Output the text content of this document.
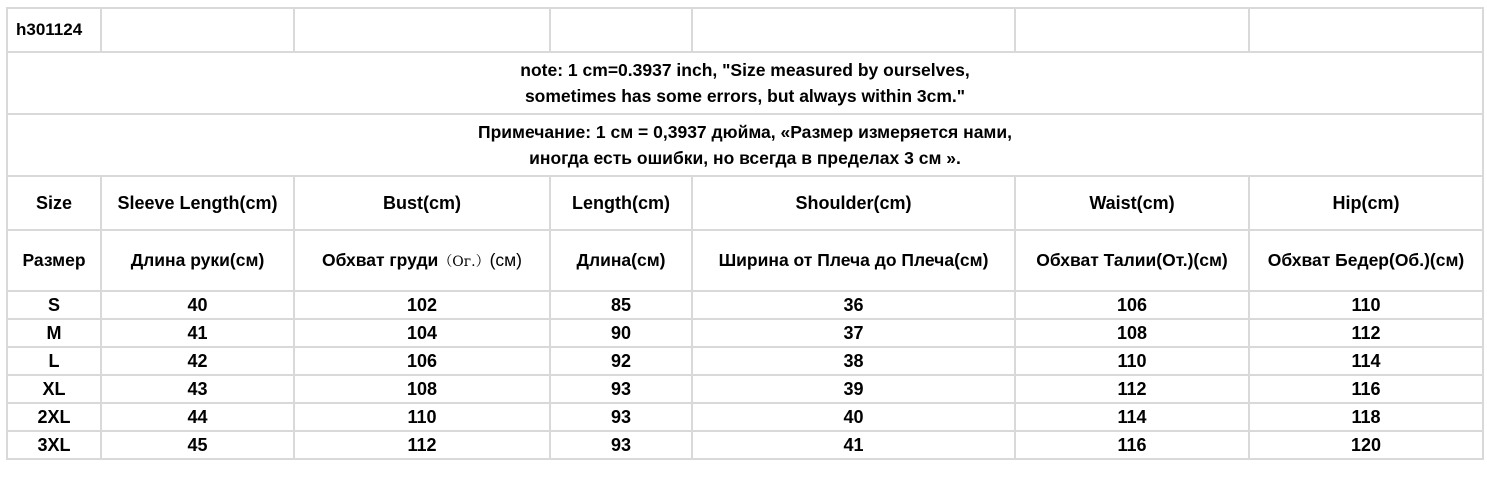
h301124						

note: 1 cm=0.3937 inch, "Size measured by ourselves,
sometimes has some errors, but always within 3cm."						

Примечание: 1 см = 0,3937 дюйма, «Размер измеряется нами,
иногда есть ошибки, но всегда в пределах 3 см ».						

Size	Sleeve Length(cm)	Bust(cm)	Length(cm)	Shoulder(cm)	Waist(cm)	Hip(cm)
Размер	Длина руки(см)	Обхват груди（Ог.）(см)	Длина(см)	Ширина от Плеча до Плеча(см)	Обхват Талии(От.)(см)	Обхват Бедер(Об.)(см)
S	40	102	85	36	106	110
M	41	104	90	37	108	112
L	42	106	92	38	110	114
XL	43	108	93	39	112	116
2XL	44	110	93	40	114	118
3XL	45	112	93	41	116	120
